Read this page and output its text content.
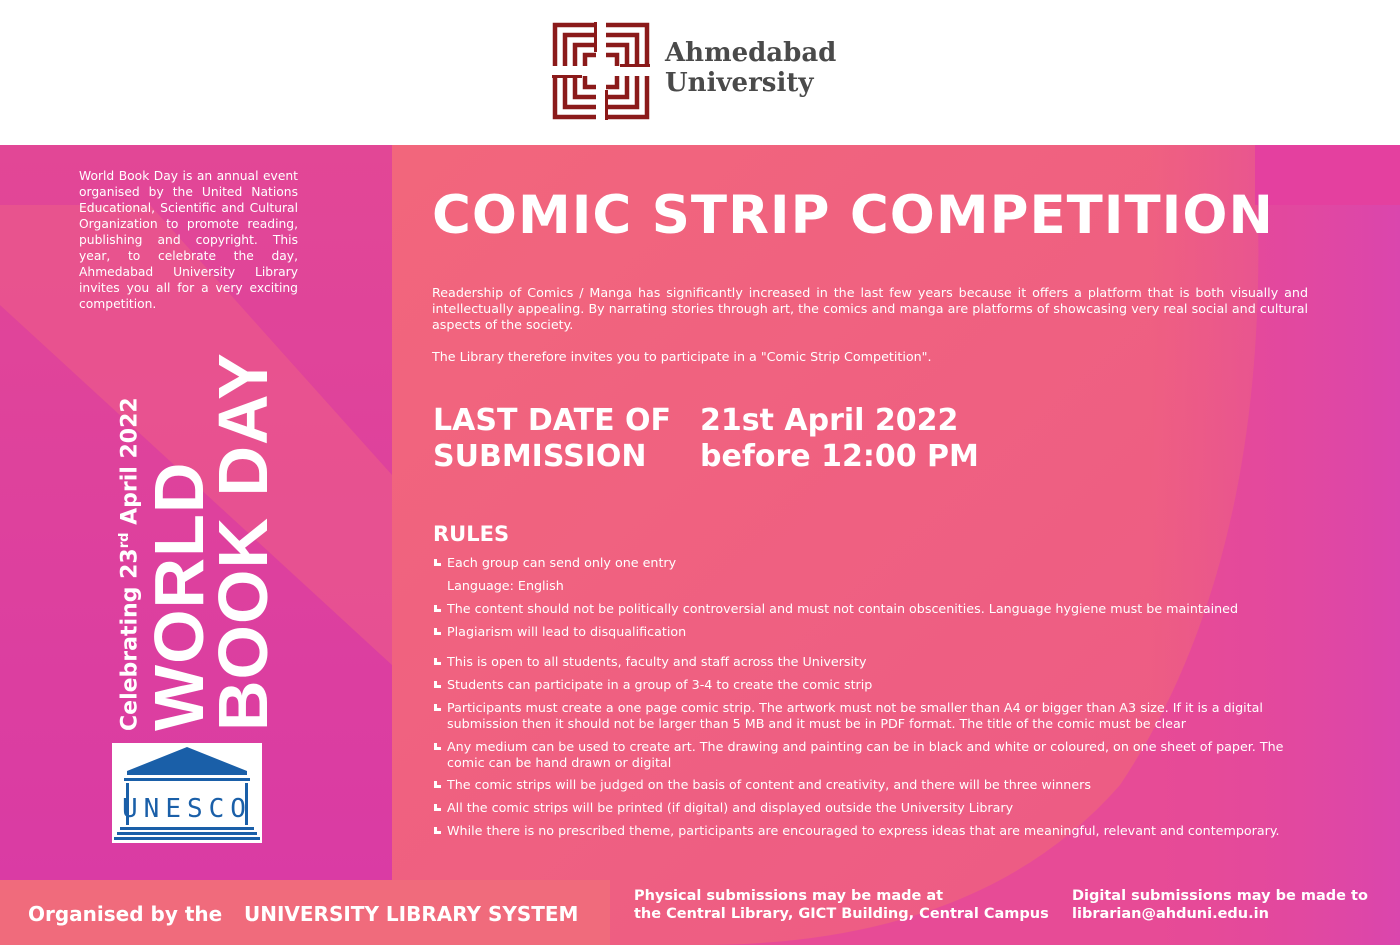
Ahmedabad
University

World Book Day is an annual event organised by the United Nations Educational, Scientific and Cultural Organization to promote reading, publishing and copyright. This year, to celebrate the day, Ahmedabad University Library invites you all for a very exciting competition.

Celebrating 23rd April 2022
WORLD
BOOK DAY
UNESCO
COMIC STRIP COMPETITION

Readership of Comics / Manga has significantly increased in the last few years because it offers a platform that is both visually and intellectually appealing. By narrating stories through art, the comics and manga are platforms of showcasing very real social and cultural aspects of the society.

The Library therefore invites you to participate in a "Comic Strip Competition".

LAST DATE OF
SUBMISSION
21st April 2022
before 12:00 PM
RULES
Each group can send only one entry
Language: English
The content should not be politically controversial and must not contain obscenities. Language hygiene must be maintained
Plagiarism will lead to disqualification
This is open to all students, faculty and staff across the University
Students can participate in a group of 3-4 to create the comic strip
Participants must create a one page comic strip. The artwork must not be smaller than A4 or bigger than A3 size. If it is a digital submission then it should not be larger than 5 MB and it must be in PDF format. The title of the comic must be clear
Any medium can be used to create art. The drawing and painting can be in black and white or coloured, on one sheet of paper. The comic can be hand drawn or digital
The comic strips will be judged on the basis of content and creativity, and there will be three winners
All the comic strips will be printed (if digital) and displayed outside the University Library
While there is no prescribed theme, participants are encouraged to express ideas that are meaningful, relevant and contemporary.
Organised by the UNIVERSITY LIBRARY SYSTEM
Physical submissions may be made at
the Central Library, GICT Building, Central Campus
Digital submissions may be made to
librarian@ahduni.edu.in
